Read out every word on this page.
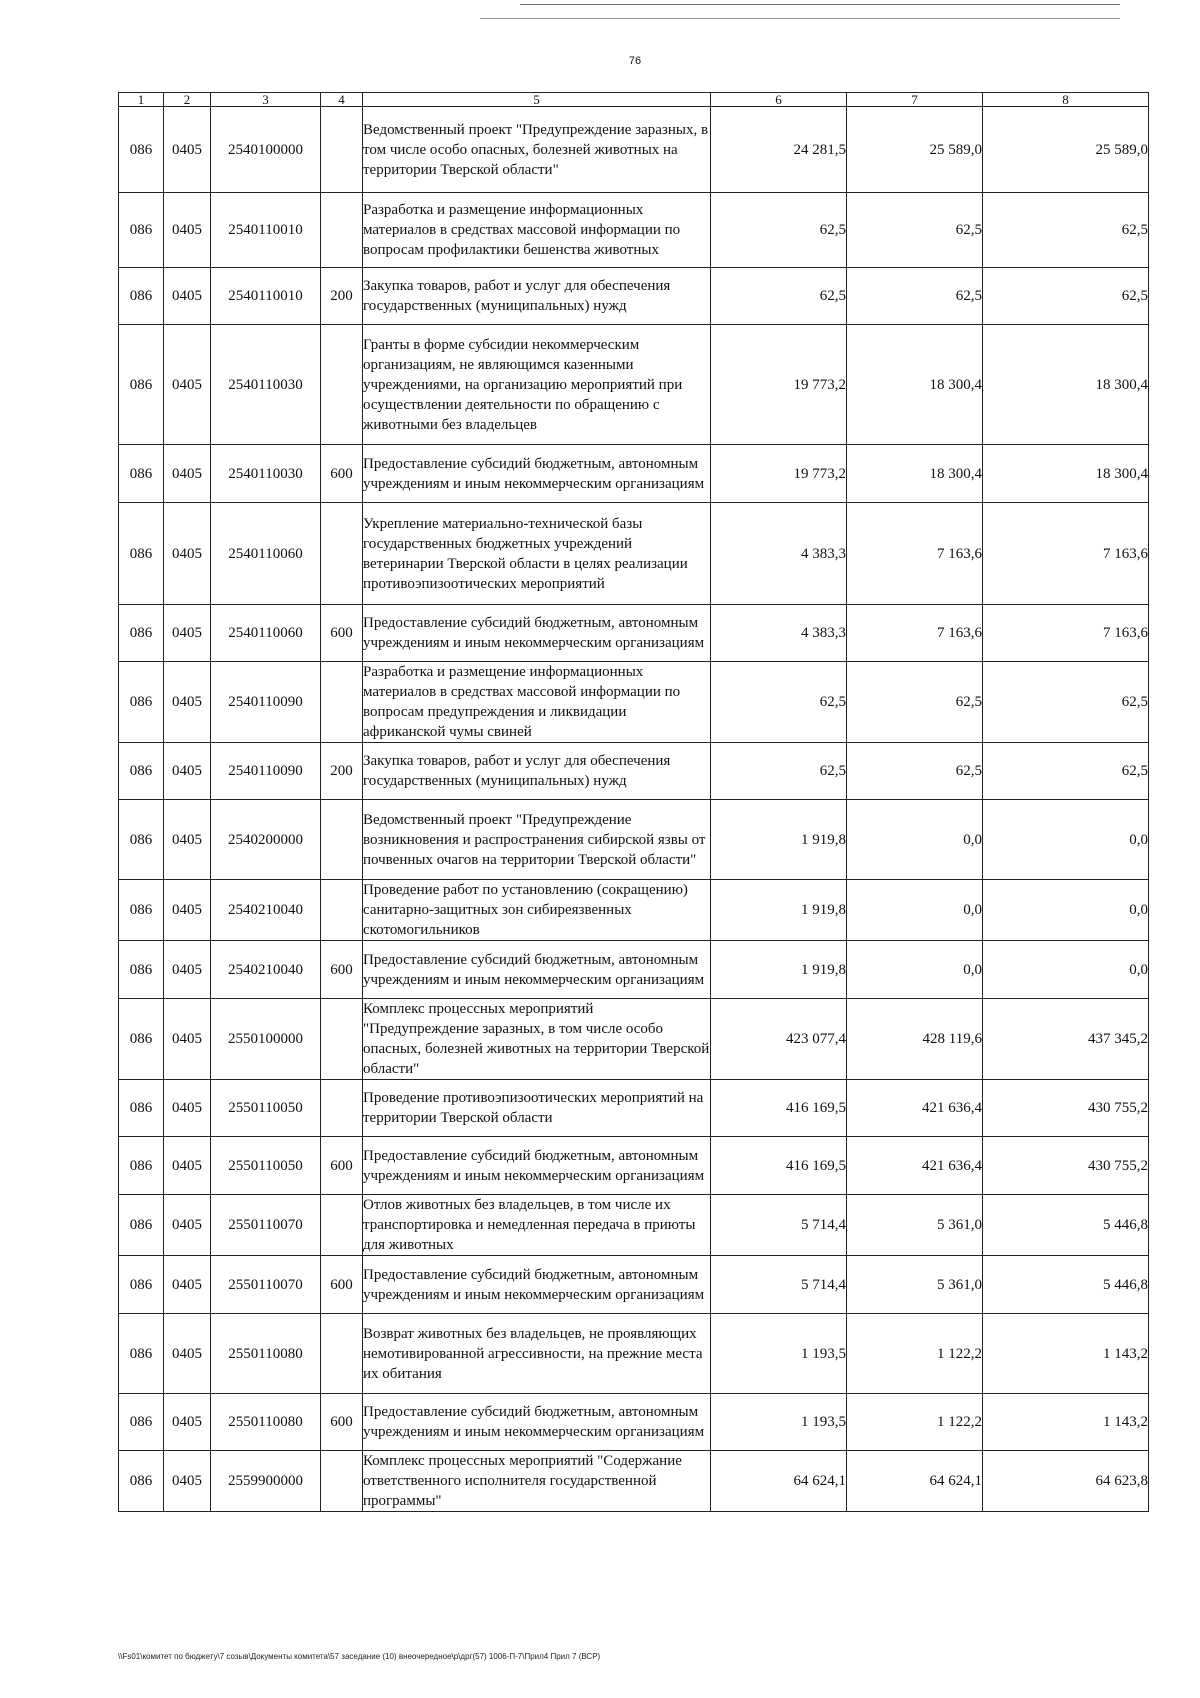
76
1	2	3	4	5	6	7	8
086	0405	2540100000		Ведомственный проект "Предупреждение заразных, в том числе особо опасных, болезней животных на территории Тверской области"	24 281,5	25 589,0	25 589,0
086	0405	2540110010		Разработка и размещение информационных материалов в средствах массовой информации по вопросам профилактики бешенства животных	62,5	62,5	62,5
086	0405	2540110010	200	Закупка товаров, работ и услуг для обеспечения государственных (муниципальных) нужд	62,5	62,5	62,5
086	0405	2540110030		Гранты в форме субсидии некоммерческим организациям, не являющимся казенными учреждениями, на организацию мероприятий при осуществлении деятельности по обращению с животными без владельцев	19 773,2	18 300,4	18 300,4
086	0405	2540110030	600	Предоставление субсидий бюджетным, автономным учреждениям и иным некоммерческим организациям	19 773,2	18 300,4	18 300,4
086	0405	2540110060		Укрепление материально-технической базы государственных бюджетных учреждений ветеринарии Тверской области в целях реализации противоэпизоотических мероприятий	4 383,3	7 163,6	7 163,6
086	0405	2540110060	600	Предоставление субсидий бюджетным, автономным учреждениям и иным некоммерческим организациям	4 383,3	7 163,6	7 163,6
086	0405	2540110090		Разработка и размещение информационных материалов в средствах массовой информации по вопросам предупреждения и ликвидации африканской чумы свиней	62,5	62,5	62,5
086	0405	2540110090	200	Закупка товаров, работ и услуг для обеспечения государственных (муниципальных) нужд	62,5	62,5	62,5
086	0405	2540200000		Ведомственный проект "Предупреждение возникновения и распространения сибирской язвы от почвенных очагов на территории Тверской области"	1 919,8	0,0	0,0
086	0405	2540210040		Проведение работ по установлению (сокращению) санитарно-защитных зон сибиреязвенных скотомогильников	1 919,8	0,0	0,0
086	0405	2540210040	600	Предоставление субсидий бюджетным, автономным учреждениям и иным некоммерческим организациям	1 919,8	0,0	0,0
086	0405	2550100000		Комплекс процессных мероприятий "Предупреждение заразных, в том числе особо опасных, болезней животных на территории Тверской области"	423 077,4	428 119,6	437 345,2
086	0405	2550110050		Проведение противоэпизоотических мероприятий на территории Тверской области	416 169,5	421 636,4	430 755,2
086	0405	2550110050	600	Предоставление субсидий бюджетным, автономным учреждениям и иным некоммерческим организациям	416 169,5	421 636,4	430 755,2
086	0405	2550110070		Отлов животных без владельцев, в том числе их транспортировка и немедленная передача в приюты для животных	5 714,4	5 361,0	5 446,8
086	0405	2550110070	600	Предоставление субсидий бюджетным, автономным учреждениям и иным некоммерческим организациям	5 714,4	5 361,0	5 446,8
086	0405	2550110080		Возврат животных без владельцев, не проявляющих немотивированной агрессивности, на прежние места их обитания	1 193,5	1 122,2	1 143,2
086	0405	2550110080	600	Предоставление субсидий бюджетным, автономным учреждениям и иным некоммерческим организациям	1 193,5	1 122,2	1 143,2
086	0405	2559900000		Комплекс процессных мероприятий "Содержание ответственного исполнителя государственной программы"	64 624,1	64 624,1	64 623,8
\\Fs01\комитет по бюджету\7 созыв\Документы комитета\57 заседание (10) внеочередное\р\дрг(57) 1006-П-7\Прил4 Прил 7 (ВСР)
